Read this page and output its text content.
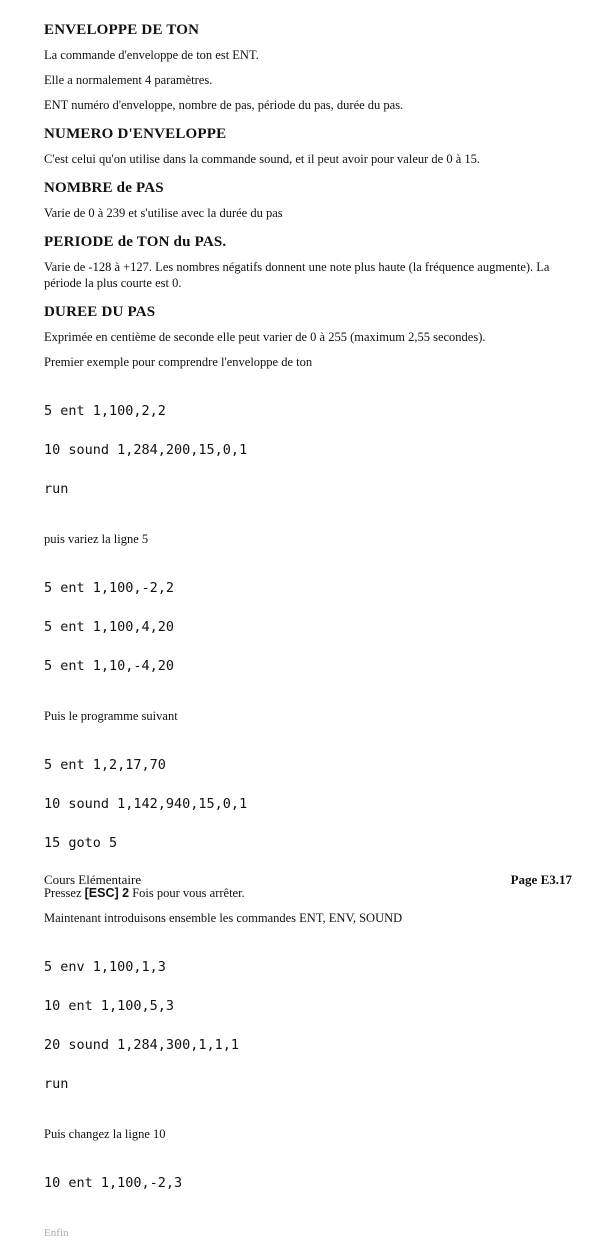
ENVELOPPE DE TON

La commande d'enveloppe de ton est ENT.

Elle a normalement 4 paramètres.

ENT numéro d'enveloppe, nombre de pas, période du pas, durée du pas.

NUMERO D'ENVELOPPE

C'est celui qu'on utilise dans la commande sound, et il peut avoir pour valeur de 0 à 15.

NOMBRE de PAS

Varie de 0 à 239 et s'utilise avec la durée du pas

PERIODE de TON du PAS.

Varie de -128 à +127. Les nombres négatifs donnent une note plus haute (la fréquence augmente). La période la plus courte est 0.

DUREE DU PAS

Exprimée en centième de seconde elle peut varier de 0 à 255 (maximum 2,55 secondes).

Premier exemple pour comprendre l'enveloppe de ton

5 ent 1,100,2,2

10 sound 1,284,200,15,0,1

run

puis variez la ligne 5

5 ent 1,100,-2,2

5 ent 1,100,4,20

5 ent 1,10,-4,20

Puis le programme suivant

5 ent 1,2,17,70

10 sound 1,142,940,15,0,1

15 goto 5

Pressez [ESC] 2 Fois pour vous arrêter.

Maintenant introduisons ensemble les commandes ENT, ENV, SOUND

5 env 1,100,1,3

10 ent 1,100,5,3

20 sound 1,284,300,1,1,1

run

Puis changez la ligne 10

10 ent 1,100,-2,3

Enfin

Cours Elémentaire	Page E3.17
